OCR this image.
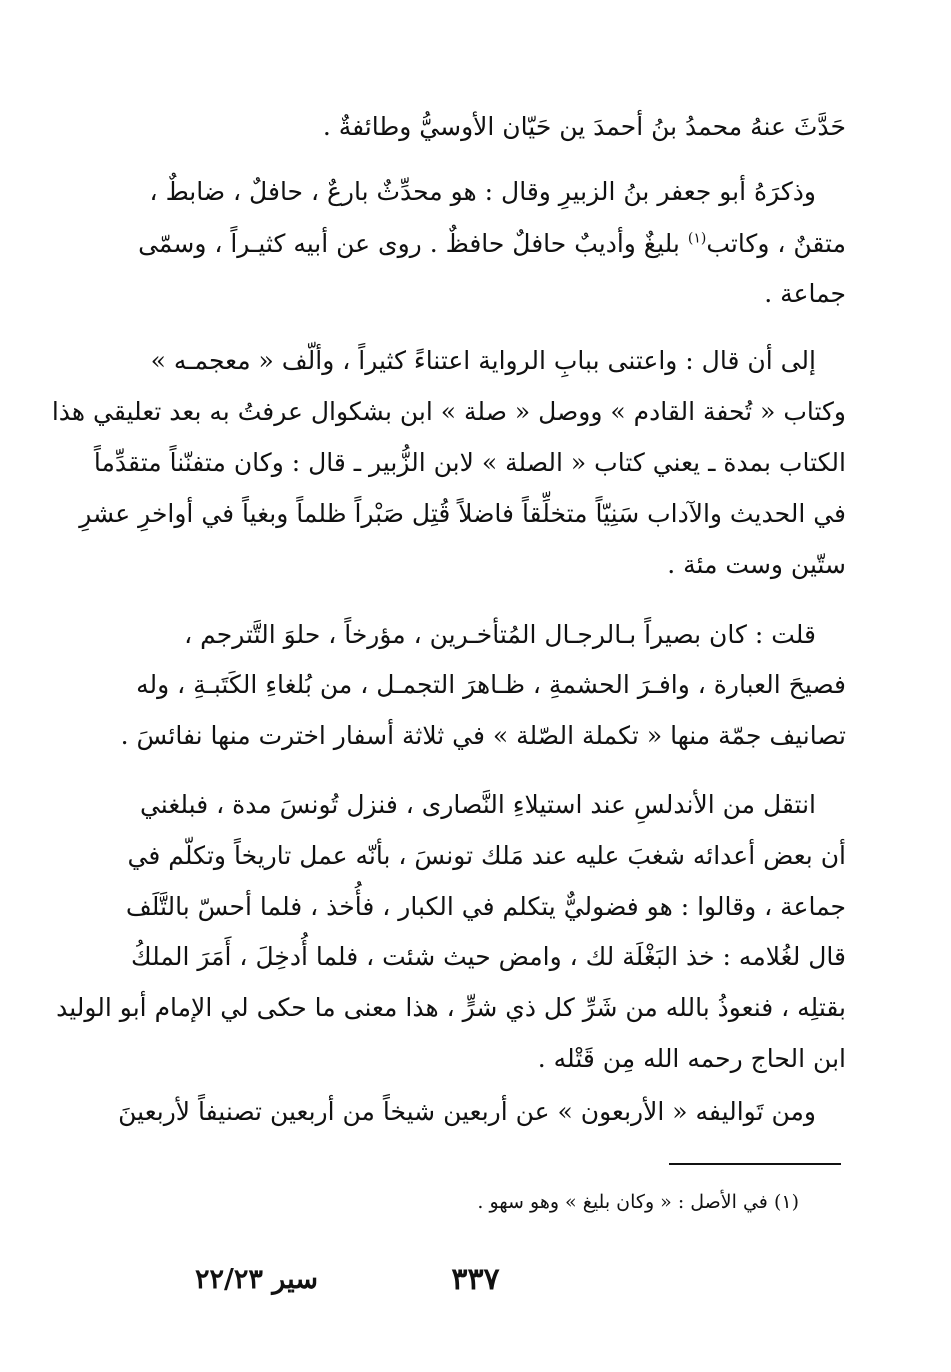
حَدَّثَ عنهُ محمدُ بنُ أحمدَ ين حَيّان الأوسيُّ وطائفةٌ .
وذكرَهُ أبو جعفر بنُ الزبيرِ وقال : هو محدِّثٌ بارعٌ ، حافلٌ ، ضابطٌ ،
متقنٌ ، وكاتب$^{(١)}$ بليغٌ وأديبٌ حافلٌ حافظٌ . روى عن أبيه كثيـراً ، وسمّى
جماعة .
إلى أن قال : واعتنى ببابِ الرواية اعتناءً كثيراً ، وألّف « معجمـه »
وكتاب « تُحفة القادم » ووصل « صلة » ابن بشكوال عرفتُ به بعد تعليقي هذا
الكتاب بمدة ـ يعني كتاب « الصلة » لابن الزُّبير ـ قال : وكان متفنّناً متقدِّماً
في الحديث والآداب سَنِيّاً متخلِّقاً فاضلاً قُتِل صَبْراً ظلماً وبغياً في أواخرِ عشرِ
ستّين وست مئة .
قلت : كان بصيراً بـالرجـال المُتأخـرين ، مؤرخاً ، حلوَ التَّترجم ،
فصيحَ العبارة ، وافـرَ الحشمةِ ، ظـاهرَ التجمـل ، من بُلغاءِ الكَتَبـةِ ، وله
تصانيف جمّة منها « تكملة الصّلة » في ثلاثة أسفار اخترت منها نفائسَ .
انتقل من الأندلسِ عند استيلاءِ النَّصارى ، فنزل تُونسَ مدة ، فبلغني
أن بعض أعدائه شغبَ عليه عند مَلك تونسَ ، بأنّه عمل تاريخاً وتكلّم في
جماعة ، وقالوا : هو فضوليٌّ يتكلم في الكبار ، فأُخذ ، فلما أحسّ بالتَّلَف
قال لغُلامه : خذ البَغْلَة لك ، وامض حيث شئت ، فلما أُدخِلَ ، أَمَرَ الملكُ
بقتلِه ، فنعوذُ بالله من شَرِّ كل ذي شرٍّ ، هذا معنى ما حكى لي الإمام أبو الوليد
ابن الحاج رحمه الله مِن قَتْله .
ومن تَواليفه « الأربعون » عن أربعين شيخاً من أربعين تصنيفاً لأربعينَ
(١) في الأصل : « وكان بليغ » وهو سهو .
٣٣٧
سير ٢٢/٢٣
